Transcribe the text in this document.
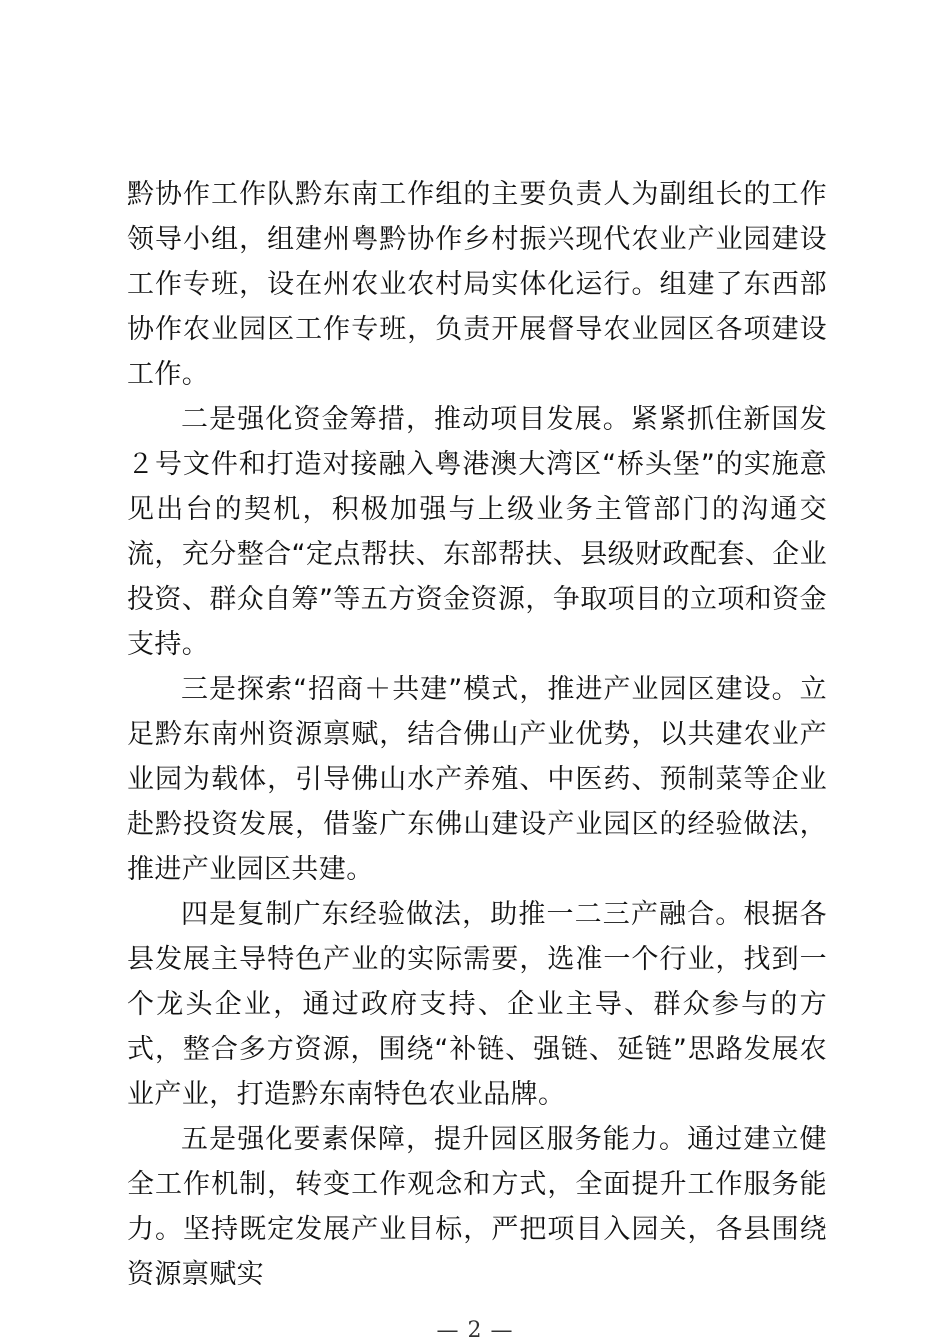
黔协作工作队黔东南工作组的主要负责人为副组长的工作领导小组，组建州粤黔协作乡村振兴现代农业产业园建设工作专班，设在州农业农村局实体化运行。组建了东西部协作农业园区工作专班，负责开展督导农业园区各项建设工作。

二是强化资金筹措，推动项目发展。紧紧抓住新国发２号文件和打造对接融入粤港澳大湾区“桥头堡”的实施意见出台的契机，积极加强与上级业务主管部门的沟通交流，充分整合“定点帮扶、东部帮扶、县级财政配套、企业投资、群众自筹”等五方资金资源，争取项目的立项和资金支持。

三是探索“招商＋共建”模式，推进产业园区建设。立足黔东南州资源禀赋，结合佛山产业优势，以共建农业产业园为载体，引导佛山水产养殖、中医药、预制菜等企业赴黔投资发展，借鉴广东佛山建设产业园区的经验做法，推进产业园区共建。

四是复制广东经验做法，助推一二三产融合。根据各县发展主导特色产业的实际需要，选准一个行业，找到一个龙头企业，通过政府支持、企业主导、群众参与的方式，整合多方资源，围绕“补链、强链、延链”思路发展农业产业，打造黔东南特色农业品牌。

五是强化要素保障，提升园区服务能力。通过建立健全工作机制，转变工作观念和方式，全面提升工作服务能力。坚持既定发展产业目标，严把项目入园关，各县围绕资源禀赋实

— 2 —
